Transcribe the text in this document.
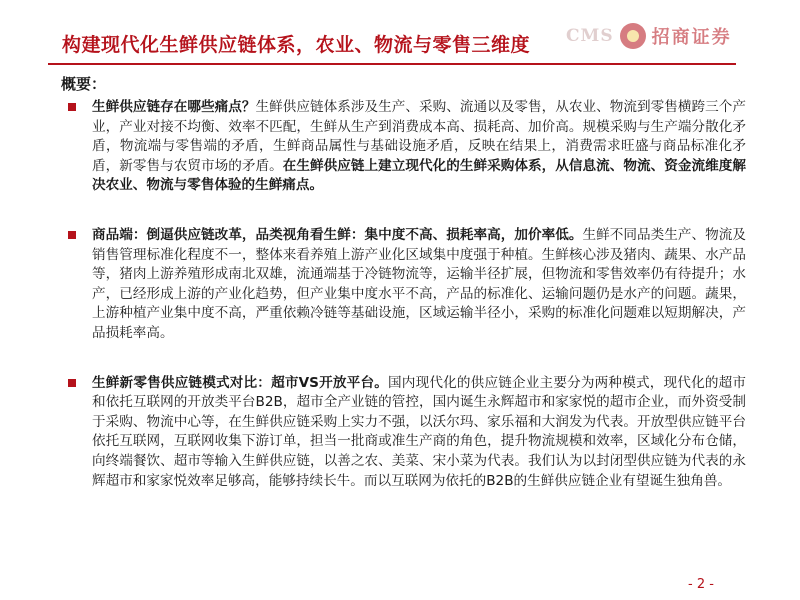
构建现代化生鲜供应链体系，农业、物流与零售三维度 CMS 招商证券
概要：
生鲜供应链存在哪些痛点？生鲜供应链体系涉及生产、采购、流通以及零售，从农业、物流到零售横跨三个产业，产业对接不均衡、效率不匹配，生鲜从生产到消费成本高、损耗高、加价高。规模采购与生产端分散化矛盾，物流端与零售端的矛盾，生鲜商品属性与基础设施矛盾，反映在结果上，消费需求旺盛与商品标准化矛盾，新零售与农贸市场的矛盾。在生鲜供应链上建立现代化的生鲜采购体系，从信息流、物流、资金流维度解决农业、物流与零售体验的生鲜痛点。
商品端：倒逼供应链改革，品类视角看生鲜：集中度不高、损耗率高，加价率低。生鲜不同品类生产、物流及销售管理标准化程度不一，整体来看养殖上游产业化区域集中度强于种植。生鲜核心涉及猪肉、蔬果、水产品等，猪肉上游养殖形成南北双雄，流通端基于冷链物流等，运输半径扩展，但物流和零售效率仍有待提升；水产，已经形成上游的产业化趋势，但产业集中度水平不高，产品的标准化、运输问题仍是水产的问题。蔬果，上游种植产业集中度不高，严重依赖冷链等基础设施，区域运输半径小，采购的标准化问题难以短期解决，产品损耗率高。
生鲜新零售供应链模式对比：超市VS开放平台。国内现代化的供应链企业主要分为两种模式，现代化的超市和依托互联网的开放类平台B2B，超市全产业链的管控，国内诞生永辉超市和家家悦的超市企业，而外资受制于采购、物流中心等，在生鲜供应链采购上实力不强，以沃尔玛、家乐福和大润发为代表。开放型供应链平台依托互联网，互联网收集下游订单，担当一批商或准生产商的角色，提升物流规模和效率，区域化分布仓储，向终端餐饮、超市等输入生鲜供应链，以善之农、美菜、宋小菜为代表。我们认为以封闭型供应链为代表的永辉超市和家家悦效率足够高，能够持续长牛。而以互联网为依托的B2B的生鲜供应链企业有望诞生独角兽。
- 2 -
